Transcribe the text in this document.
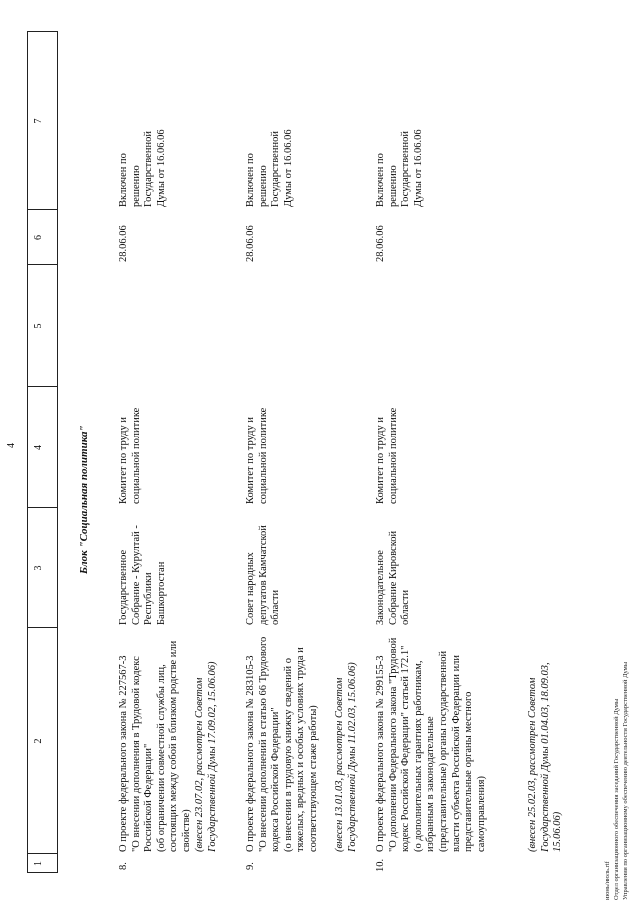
4
1
2
3
4
5
6
7
Блок "Социальная политика"
8.
О проекте федерального закона № 227567-3
"О внесении дополнения в Трудовой кодекс Российской Федерации"
(об ограничении совместной службы лиц, состоящих между собой в близком родстве или свойстве) (внесен 23.07.02, рассмотрен Советом Государственной Думы 17.09.02, 15.06.06)
Государственное Собрание - Курултай - Республики Башкортостан
Комитет по труду и социальной политике
28.06.06
Включен по решению Государственной Думы от 16.06.06
9.
О проекте федерального закона № 283105-3
"О внесении дополнений в статью 66 Трудового кодекса Российской Федерации"
(о внесении в трудовую книжку сведений о тяжелых, вредных и особых условиях труда и соответствующем стаже работы) (внесен 13.01.03, рассмотрен Советом Государственной Думы 11.02.03, 15.06.06)
Совет народных депутатов Камчатской области
Комитет по труду и социальной политике
28.06.06
Включен по решению Государственной Думы от 16.06.06
10.
О проекте федерального закона № 299155-3
"О дополнении Федерального закона "Трудовой кодекс Российской Федерации" статьей 172.1"
(о дополнительных гарантиях работникам, избранным в законодательные (представительные) органы государственной власти субъекта Российской Федерации или представительные органы местного самоуправления)	(внесен 25.02.03, рассмотрен Советом Государственной Думы 01.04.03, 18.09.03, 15.06.06)
Законодательное Собрание Кировской области
Комитет по труду и социальной политике
28.06.06
Включен по решению Государственной Думы от 16.06.06
июнь/июль.rtf Отдел организационного обеспечения заседаний Государственной Думы Управления по организационному обеспечению деятельности Государственной Думы
